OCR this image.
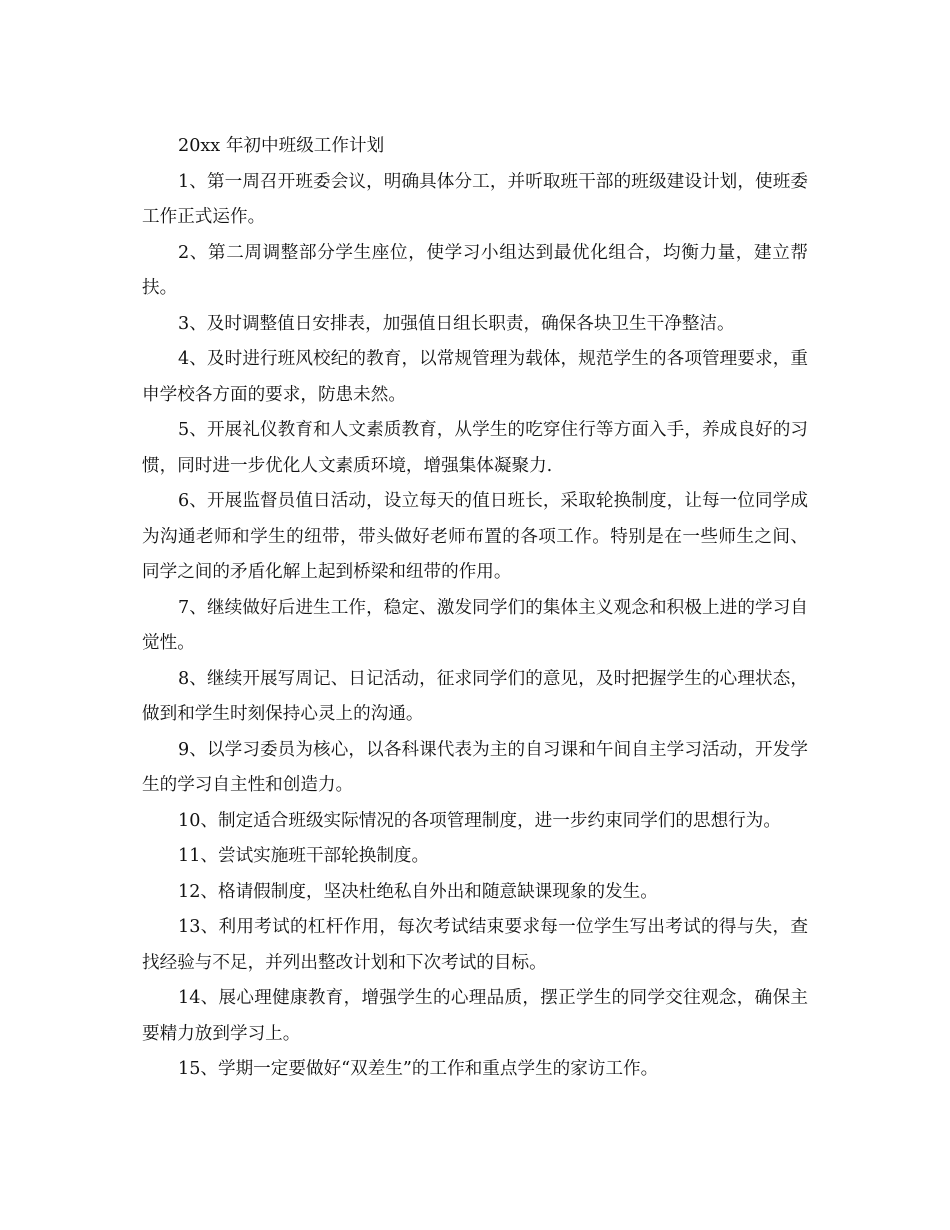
20xx 年初中班级工作计划

1、第一周召开班委会议，明确具体分工，并听取班干部的班级建设计划，使班委工作正式运作。

2、第二周调整部分学生座位，使学习小组达到最优化组合，均衡力量，建立帮扶。

3、及时调整值日安排表，加强值日组长职责，确保各块卫生干净整洁。

4、及时进行班风校纪的教育，以常规管理为载体，规范学生的各项管理要求，重申学校各方面的要求，防患未然。

5、开展礼仪教育和人文素质教育，从学生的吃穿住行等方面入手，养成良好的习惯，同时进一步优化人文素质环境，增强集体凝聚力.

6、开展监督员值日活动，设立每天的值日班长，采取轮换制度，让每一位同学成为沟通老师和学生的纽带，带头做好老师布置的各项工作。特别是在一些师生之间、同学之间的矛盾化解上起到桥梁和纽带的作用。

7、继续做好后进生工作，稳定、激发同学们的集体主义观念和积极上进的学习自觉性。

8、继续开展写周记、日记活动，征求同学们的意见，及时把握学生的心理状态，做到和学生时刻保持心灵上的沟通。

9、以学习委员为核心，以各科课代表为主的自习课和午间自主学习活动，开发学生的学习自主性和创造力。

10、制定适合班级实际情况的各项管理制度，进一步约束同学们的思想行为。

11、尝试实施班干部轮换制度。

12、格请假制度，坚决杜绝私自外出和随意缺课现象的发生。

13、利用考试的杠杆作用，每次考试结束要求每一位学生写出考试的得与失，查找经验与不足，并列出整改计划和下次考试的目标。

14、展心理健康教育，增强学生的心理品质，摆正学生的同学交往观念，确保主要精力放到学习上。

15、学期一定要做好“双差生”的工作和重点学生的家访工作。
